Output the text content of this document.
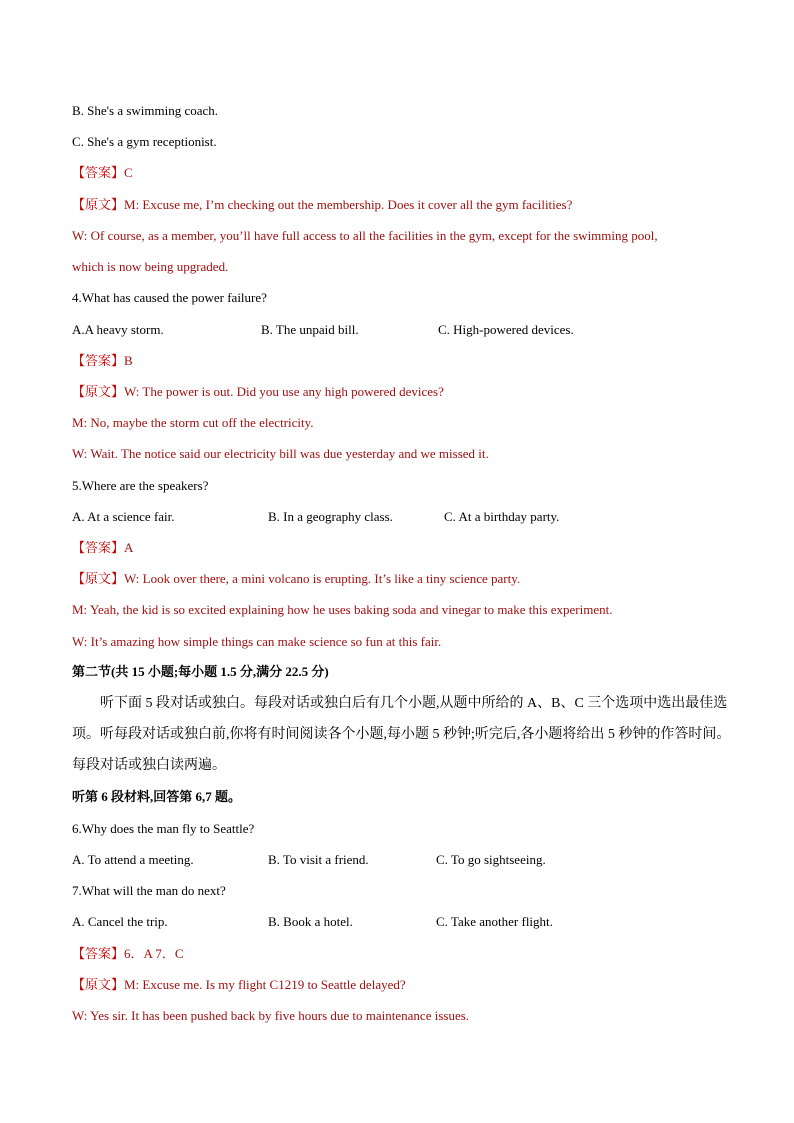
B. She's a swimming coach.
C. She's a gym receptionist.
【答案】C
【原文】M: Excuse me, I’m checking out the membership. Does it cover all the gym facilities?
W: Of course, as a member, you’ll have full access to all the facilities in the gym, except for the swimming pool,
which is now being upgraded.
4.What has caused the power failure?
A.A heavy storm.	B. The unpaid bill.	C. High-powered devices.
【答案】B
【原文】W: The power is out. Did you use any high powered devices?
M: No, maybe the storm cut off the electricity.
W: Wait. The notice said our electricity bill was due yesterday and we missed it.
5.Where are the speakers?
A. At a science fair.	B. In a geography class.	C. At a birthday party.
【答案】A
【原文】W: Look over there, a mini volcano is erupting. It’s like a tiny science party.
M: Yeah, the kid is so excited explaining how he uses baking soda and vinegar to make this experiment.
W: It’s amazing how simple things can make science so fun at this fair.
第二节(共 15 小题;每小题 1.5 分,满分 22.5 分)
听下面 5 段对话或独白。每段对话或独白后有几个小题,从题中所给的 A、B、C 三个选项中选出最佳选项。听每段对话或独白前,你将有时间阅读各个小题,每小题 5 秒钟;听完后,各小题将给出 5 秒钟的作答时间。每段对话或独白读两遍。
听第 6 段材料,回答第 6,7 题。
6.Why does the man fly to Seattle?
A. To attend a meeting.	B. To visit a friend.	C. To go sightseeing.
7.What will the man do next?
A. Cancel the trip.	B. Book a hotel.	C. Take another flight.
【答案】6．A 7．C
【原文】M: Excuse me. Is my flight C1219 to Seattle delayed?
W: Yes sir. It has been pushed back by five hours due to maintenance issues.
